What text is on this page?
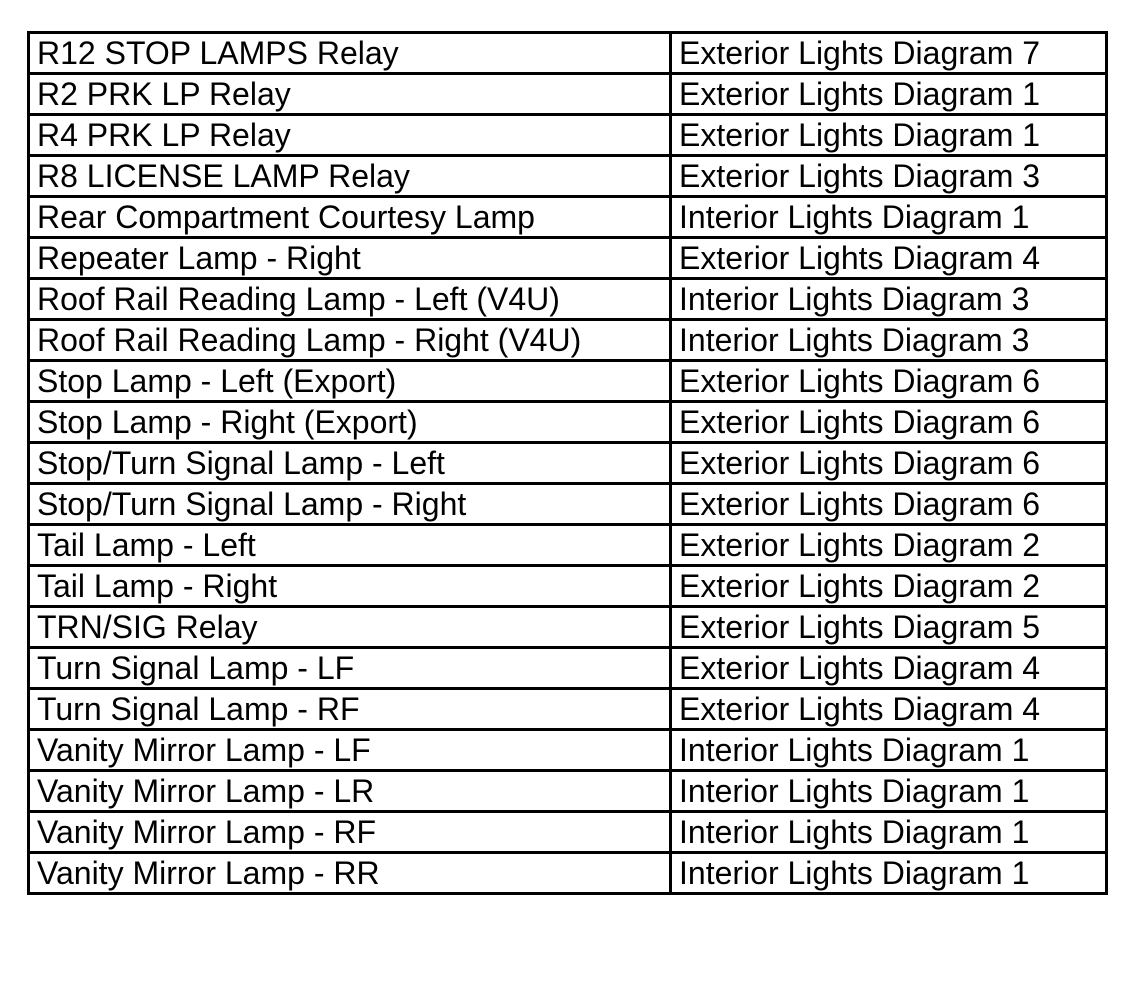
R12 STOP LAMPS Relay	Exterior Lights Diagram 7
R2 PRK LP Relay	Exterior Lights Diagram 1
R4 PRK LP Relay	Exterior Lights Diagram 1
R8 LICENSE LAMP Relay	Exterior Lights Diagram 3
Rear Compartment Courtesy Lamp	Interior Lights Diagram 1
Repeater Lamp - Right	Exterior Lights Diagram 4
Roof Rail Reading Lamp - Left (V4U)	Interior Lights Diagram 3
Roof Rail Reading Lamp - Right (V4U)	Interior Lights Diagram 3
Stop Lamp - Left (Export)	Exterior Lights Diagram 6
Stop Lamp - Right (Export)	Exterior Lights Diagram 6
Stop/Turn Signal Lamp - Left	Exterior Lights Diagram 6
Stop/Turn Signal Lamp - Right	Exterior Lights Diagram 6
Tail Lamp - Left	Exterior Lights Diagram 2
Tail Lamp - Right	Exterior Lights Diagram 2
TRN/SIG Relay	Exterior Lights Diagram 5
Turn Signal Lamp - LF	Exterior Lights Diagram 4
Turn Signal Lamp - RF	Exterior Lights Diagram 4
Vanity Mirror Lamp - LF	Interior Lights Diagram 1
Vanity Mirror Lamp - LR	Interior Lights Diagram 1
Vanity Mirror Lamp - RF	Interior Lights Diagram 1
Vanity Mirror Lamp - RR	Interior Lights Diagram 1
